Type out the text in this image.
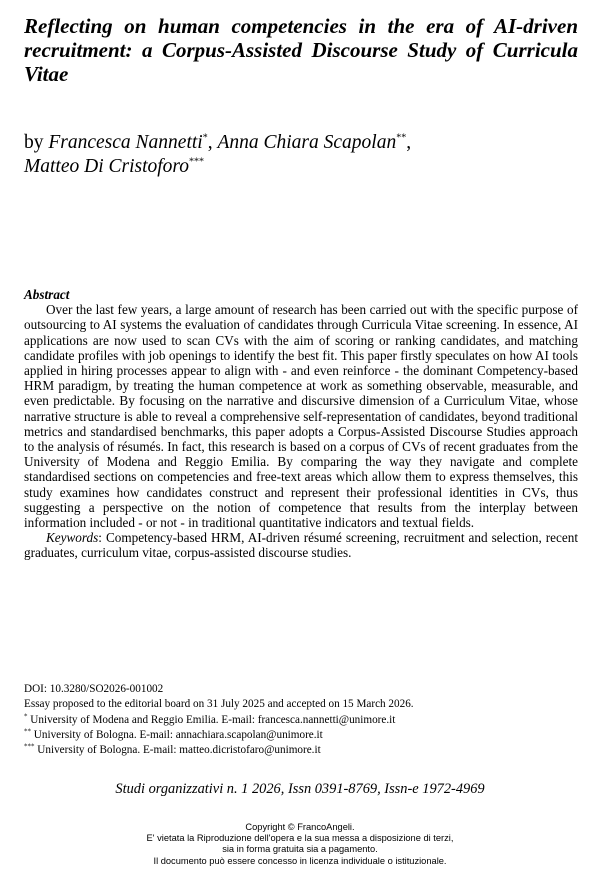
Reflecting on human competencies in the era of AI-driven recruitment: a Corpus-Assisted Discourse Study of Curricula Vitae

by Francesca Nannetti*, Anna Chiara Scapolan**,
Matteo Di Cristoforo***

Abstract

Over the last few years, a large amount of research has been carried out with the specific purpose of outsourcing to AI systems the evaluation of candidates through Curricula Vitae screening. In essence, AI applications are now used to scan CVs with the aim of scoring or ranking candidates, and matching candidate profiles with job openings to identify the best fit. This paper firstly speculates on how AI tools applied in hiring processes appear to align with - and even reinforce - the dominant Competency-based HRM paradigm, by treating the human competence at work as something observable, measurable, and even predictable. By focusing on the narrative and discursive dimension of a Curriculum Vitae, whose narrative structure is able to reveal a comprehensive self-representation of candidates, beyond traditional metrics and standardised benchmarks, this paper adopts a Corpus-Assisted Discourse Studies approach to the analysis of résumés. In fact, this research is based on a corpus of CVs of recent graduates from the University of Modena and Reggio Emilia. By comparing the way they navigate and complete standardised sections on competencies and free-text areas which allow them to express themselves, this study examines how candidates construct and represent their professional identities in CVs, thus suggesting a perspective on the notion of competence that results from the interplay between information included - or not - in traditional quantitative indicators and textual fields.

Keywords: Competency-based HRM, AI-driven résumé screening, recruitment and selection, recent graduates, curriculum vitae, corpus-assisted discourse studies.

DOI: 10.3280/SO2026-001002
Essay proposed to the editorial board on 31 July 2025 and accepted on 15 March 2026.
* University of Modena and Reggio Emilia. E-mail: francesca.nannetti@unimore.it
** University of Bologna. E-mail: annachiara.scapolan@unimore.it
*** University of Bologna. E-mail: matteo.dicristofaro@unimore.it

Studi organizzativi n. 1 2026, Issn 0391-8769, Issn-e 1972-4969

Copyright © FrancoAngeli.
E' vietata la Riproduzione dell'opera e la sua messa a disposizione di terzi,
sia in forma gratuita sia a pagamento.
Il documento può essere concesso in licenza individuale o istituzionale.
